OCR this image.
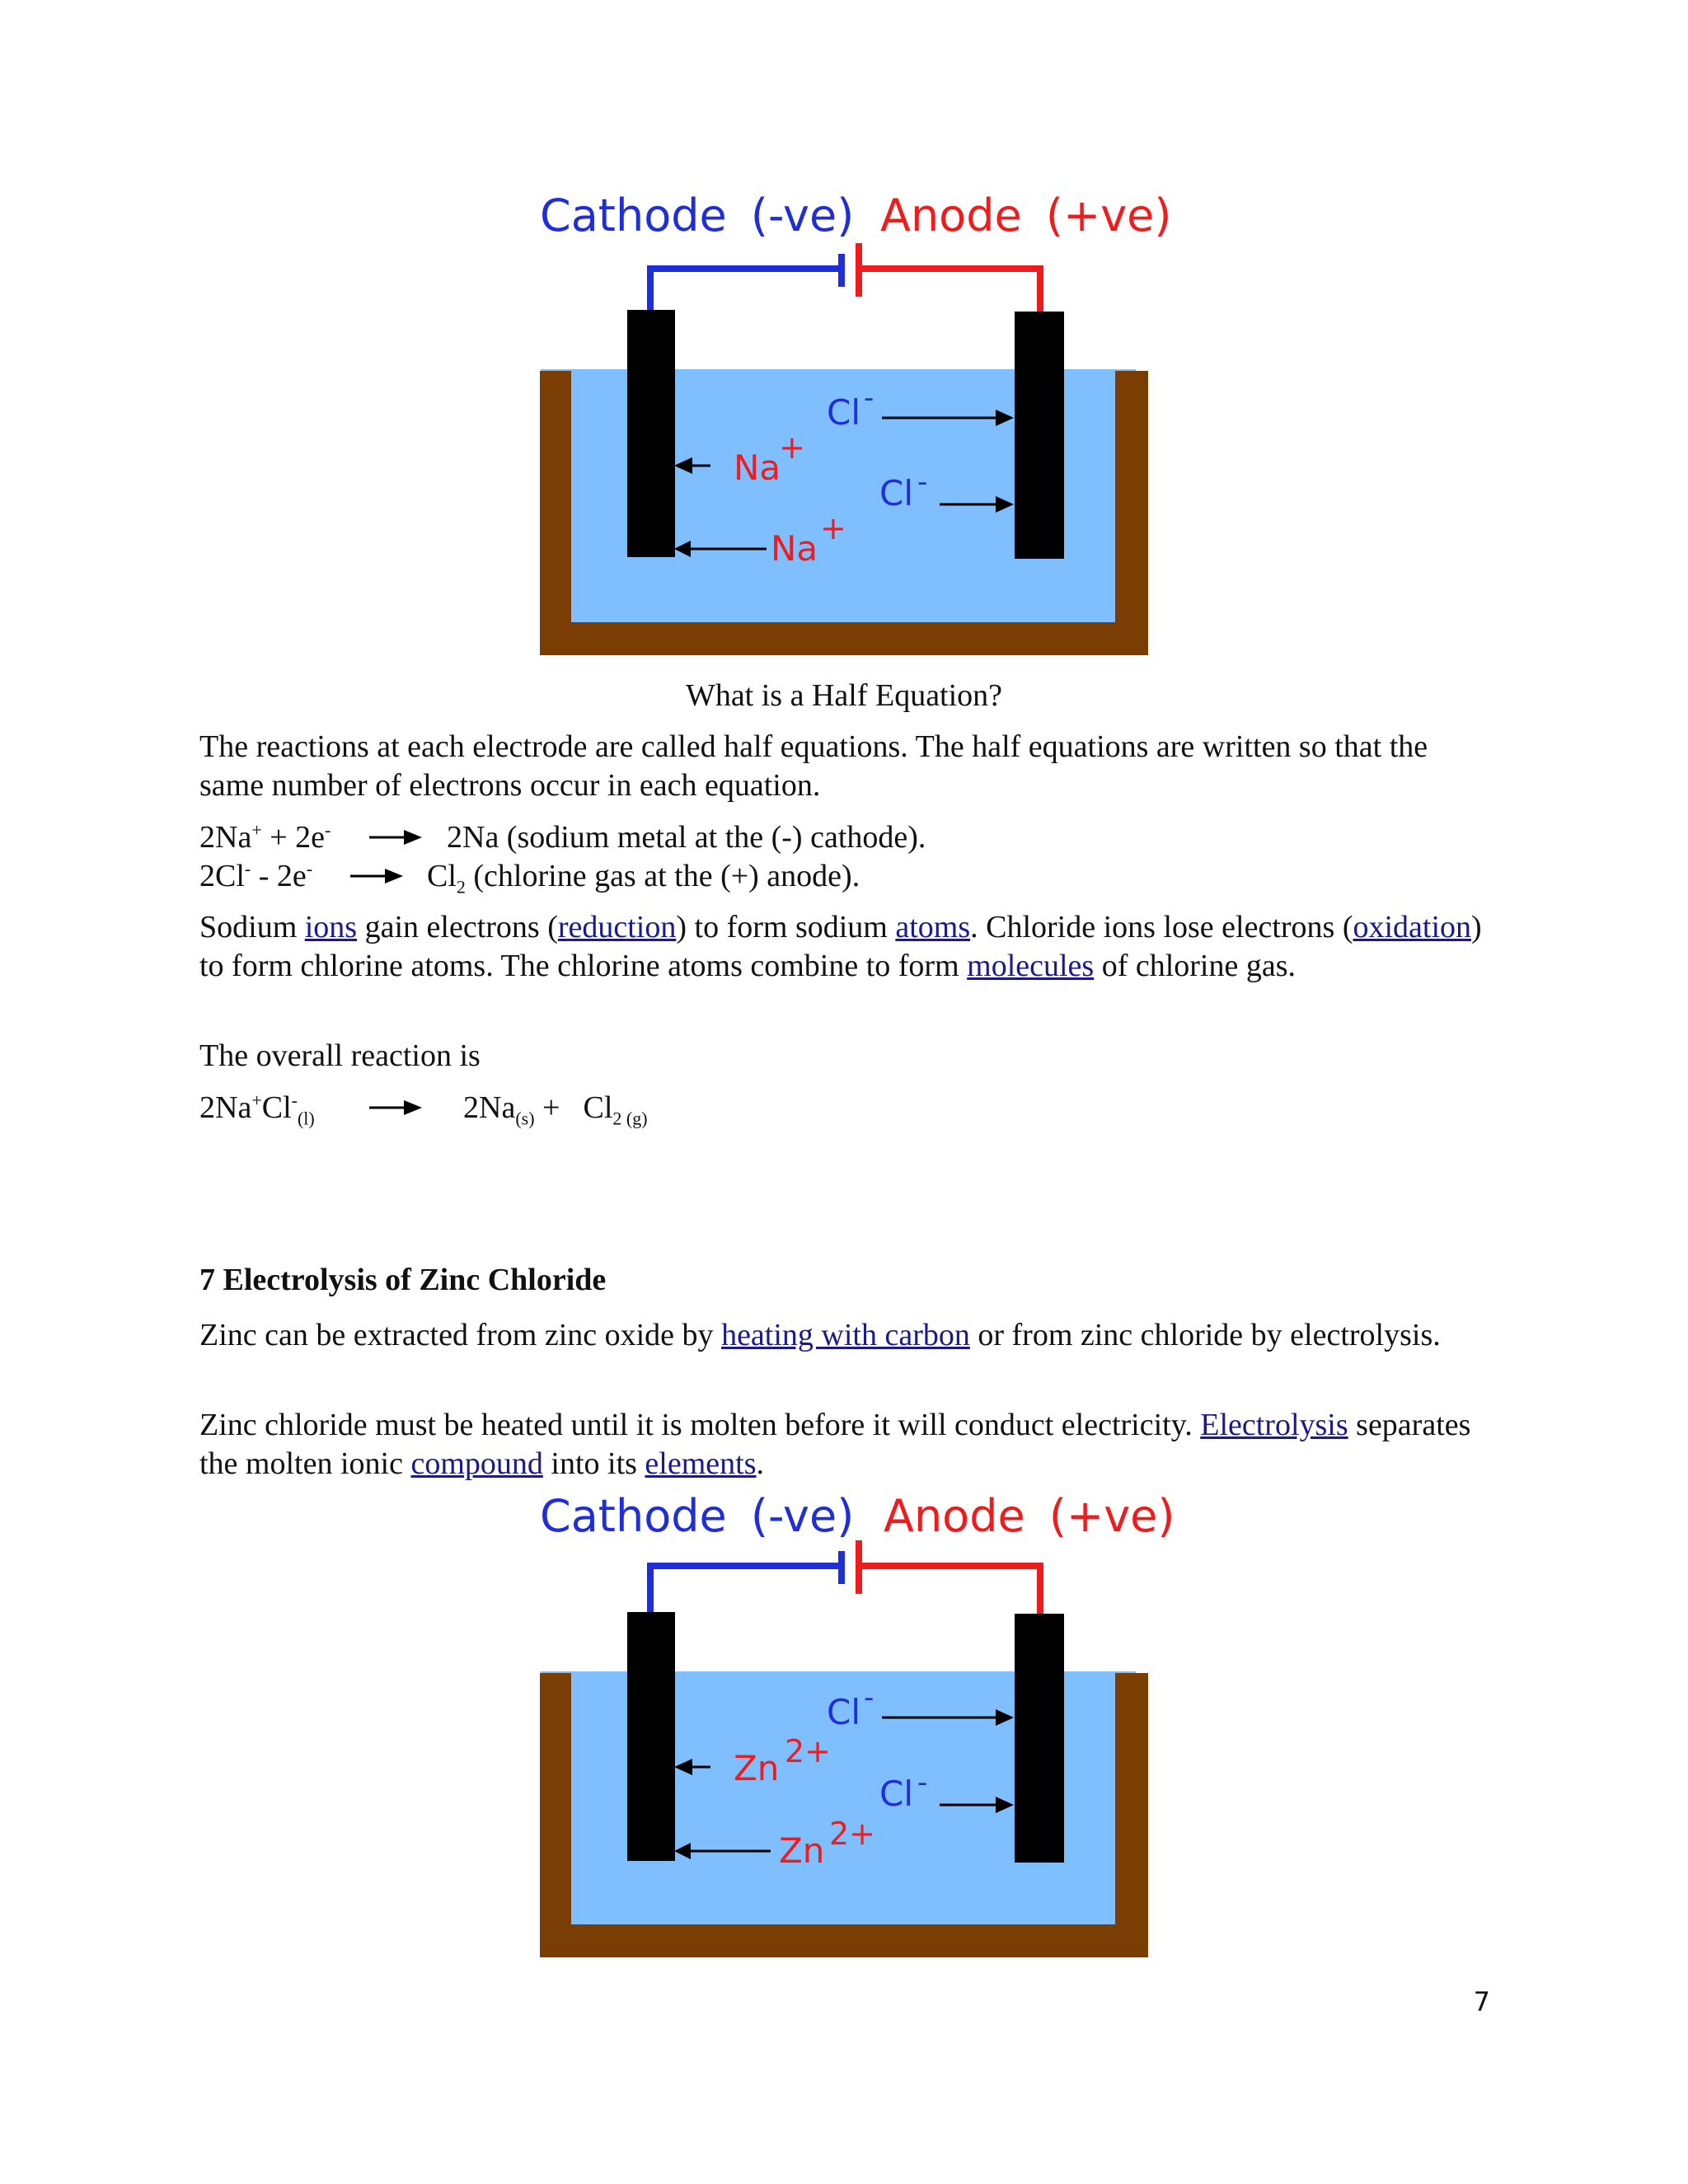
Cathode (-ve) Anode (+ve)
Cl -
Na
+
Cl -
Na +
What is a Half Equation?
The reactions at each electrode are called half equations. The half equations are written so that the same number of electrons occur in each equation.
2Na+ + 2e-	2Na (sodium metal at the (-) cathode).
2Cl- - 2e-	$Cl_2$ (chlorine gas at the (+) anode).
Sodium ions gain electrons (reduction) to form sodium atoms. Chloride ions lose electrons (oxidation) to form chlorine atoms. The chlorine atoms combine to form molecules of chlorine gas.
The overall reaction is
$2Na^+Cl^-_{(l)}$	$2Na_{(s)} + Cl_{2 (g)}$
7 Electrolysis of Zinc Chloride
Zinc can be extracted from zinc oxide by heating with carbon or from zinc chloride by electrolysis.
Zinc chloride must be heated until it is molten before it will conduct electricity. Electrolysis separates the molten ionic compound into its elements.
Cathode (-ve) Anode (+ve)
Cl -
Zn 2+
Cl -
Zn 2+
7
